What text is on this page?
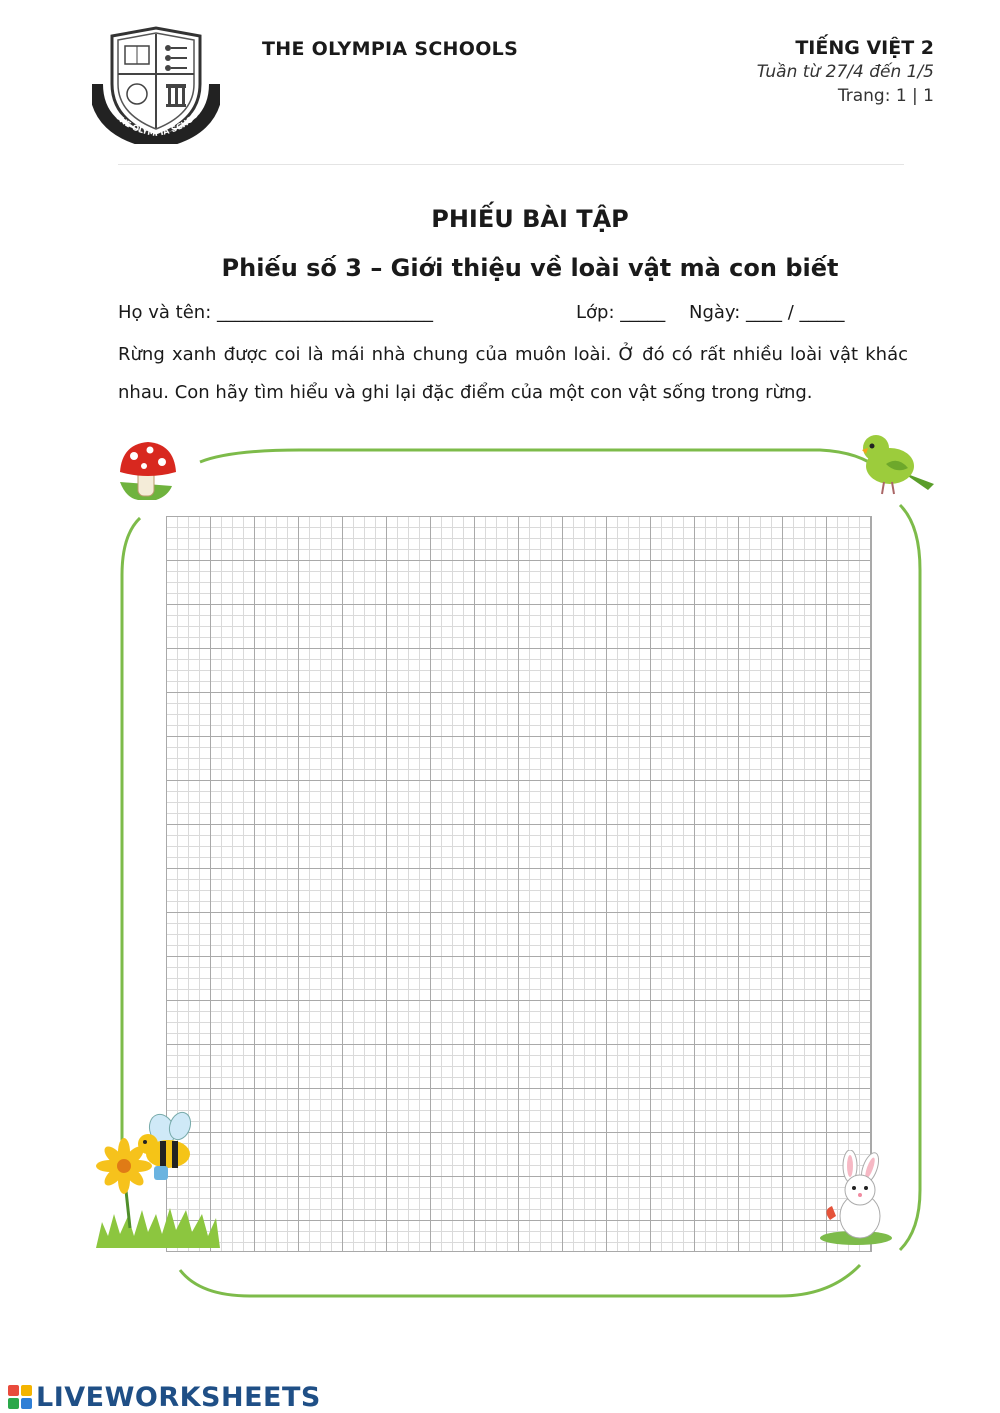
THE OLYMPIA SCHOOLS
THE OLYMPIA SCHOOLS	TIẾNG VIỆT 2
Tuần từ 27/4 đến 1/5
Trang: 1 | 1
PHIẾU BÀI TẬP
Phiếu số 3 – Giới thiệu về loài vật mà con biết
Họ và tên: ________________________	Lớp: _____ Ngày: ____ / _____
Rừng xanh được coi là mái nhà chung của muôn loài. Ở đó có rất nhiều loài vật khác nhau. Con hãy tìm hiểu và ghi lại đặc điểm của một con vật sống trong rừng.
LIVEWORKSHEETS
